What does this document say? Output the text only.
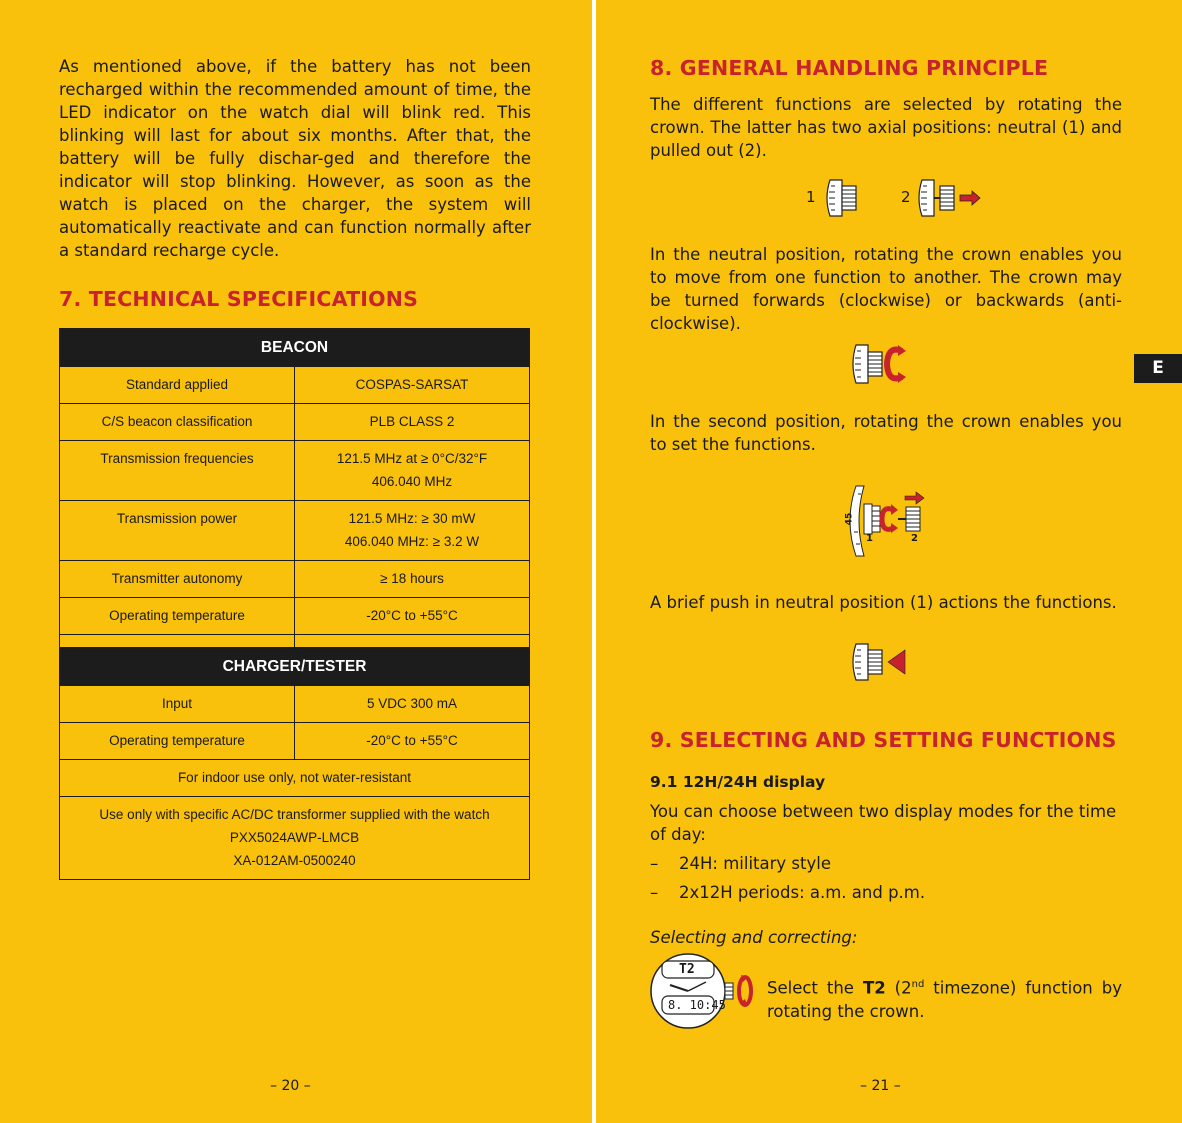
As mentioned above, if the battery has not been recharged within the recommended amount of time, the LED indicator on the watch dial will blink red. This blinking will last for about six months. After that, the battery will be fully dischar-ged and therefore the indicator will stop blinking. However, as soon as the watch is placed on the charger, the system will automatically reactivate and can function normally after a standard recharge cycle.

7. TECHNICAL SPECIFICATIONS
BEACON	
Standard applied	COSPAS-SARSAT
C/S beacon classification	PLB CLASS 2
Transmission frequencies	121.5 MHz at ≥ 0°C/32°F
406.040 MHz

Transmission power	121.5 MHz: ≥ 30 mW
406.040 MHz: ≥ 3.2 W

Transmitter autonomy	≥ 18 hours
Operating temperature	-20°C to +55°C

CHARGER/TESTER	
Input	5 VDC 300 mA
Operating temperature	-20°C to +55°C
For indoor use only, not water-resistant	

Use only with specific AC/DC transformer supplied with the watch
PXX5024AWP-LMCB
XA-012AM-0500240	
– 20 –
8. GENERAL HANDLING PRINCIPLE

The different functions are selected by rotating the crown. The latter has two axial positions: neutral (1) and pulled out (2).

1	2

In the neutral position, rotating the crown enables you to move from one function to another. The crown may be turned forwards (clockwise) or backwards (anti-clockwise).

In the second position, rotating the crown enables you to set the functions.

45
1	2

A brief push in neutral position (1) actions the functions.

9. SELECTING AND SETTING FUNCTIONS
9.1 12H/24H display

You can choose between two display modes for the time of day:

– 24H: military style
– 2x12H periods: a.m. and p.m.
Selecting and correcting:
T2
8. 10:45

Select the T2 (2nd timezone) function by rotating the crown.

E
– 21 –
